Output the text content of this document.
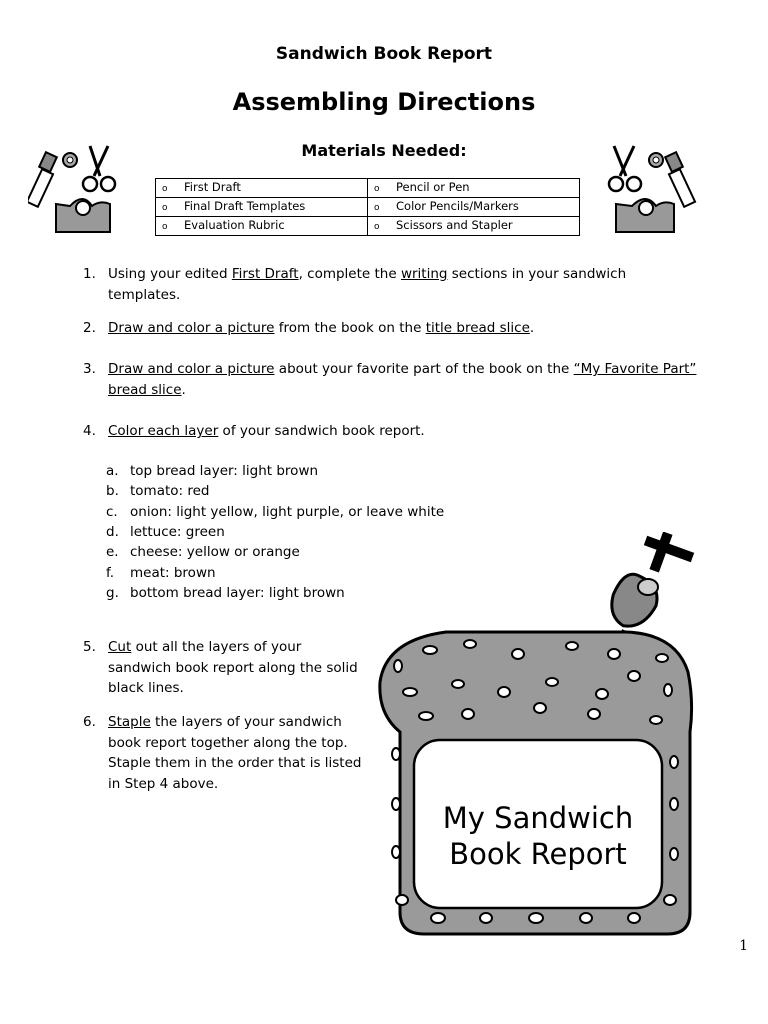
Sandwich Book Report
Assembling Directions
Materials Needed:
o First Draft	o Pencil or Pen
o Final Draft Templates	o Color Pencils/Markers
o Evaluation Rubric	o Scissors and Stapler
1. Using your edited First Draft, complete the writing sections in your sandwich templates.
2. Draw and color a picture from the book on the title bread slice.
3. Draw and color a picture about your favorite part of the book on the “My Favorite Part” bread slice.
4. Color each layer of your sandwich book report.
a. top bread layer: light brown
b. tomato: red
c. onion: light yellow, light purple, or leave white
d. lettuce: green
e. cheese: yellow or orange
f. meat: brown
g. bottom bread layer: light brown
5. Cut out all the layers of your sandwich book report along the solid black lines.
6. Staple the layers of your sandwich book report together along the top. Staple them in the order that is listed in Step 4 above.
My Sandwich
Book Report
1
